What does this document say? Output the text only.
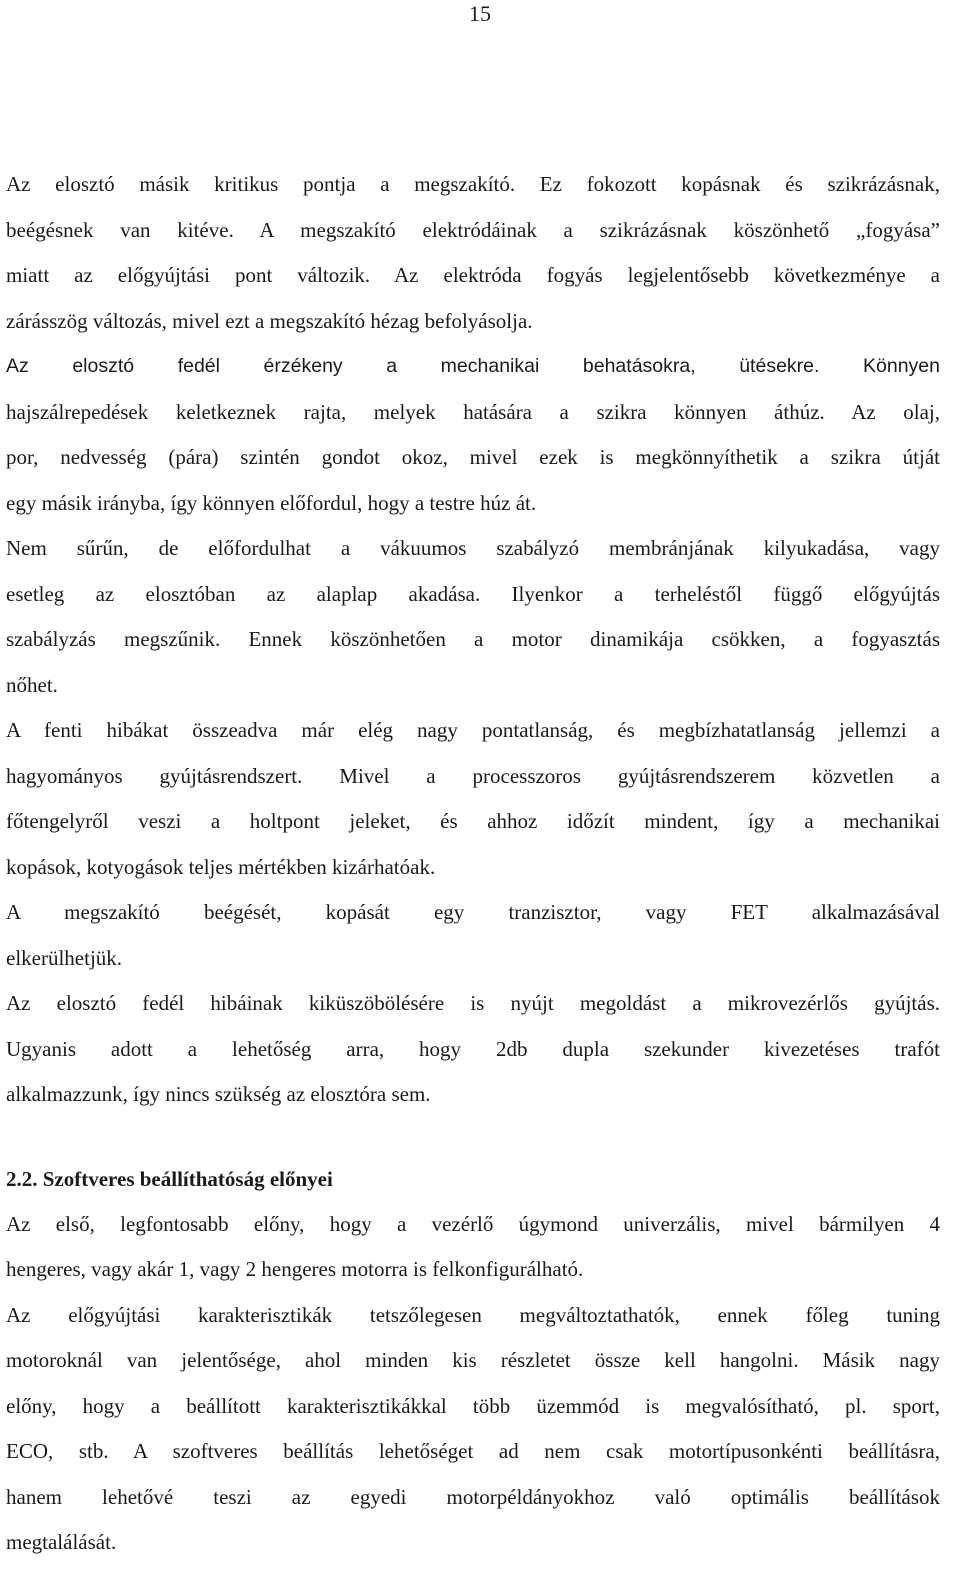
15
Az elosztó másik kritikus pontja a megszakító. Ez fokozott kopásnak és szikrázásnak,
beégésnek van kitéve. A megszakító elektródáinak a szikrázásnak köszönhető „fogyása”
miatt az előgyújtási pont változik. Az elektróda fogyás legjelentősebb következménye a
zárásszög változás, mivel ezt a megszakító hézag befolyásolja.
Az elosztó fedél érzékeny a mechanikai behatásokra, ütésekre. Könnyen
hajszálrepedések keletkeznek rajta, melyek hatására a szikra könnyen áthúz. Az olaj,
por, nedvesség (pára) szintén gondot okoz, mivel ezek is megkönnyíthetik a szikra útját
egy másik irányba, így könnyen előfordul, hogy a testre húz át.
Nem sűrűn, de előfordulhat a vákuumos szabályzó membránjának kilyukadása, vagy
esetleg az elosztóban az alaplap akadása. Ilyenkor a terheléstől függő előgyújtás
szabályzás megszűnik. Ennek köszönhetően a motor dinamikája csökken, a fogyasztás
nőhet.
A fenti hibákat összeadva már elég nagy pontatlanság, és megbízhatatlanság jellemzi a
hagyományos gyújtásrendszert. Mivel a processzoros gyújtásrendszerem közvetlen a
főtengelyről veszi a holtpont jeleket, és ahhoz időzít mindent, így a mechanikai
kopások, kotyogások teljes mértékben kizárhatóak.
A megszakító beégését, kopását egy tranzisztor, vagy FET alkalmazásával
elkerülhetjük.
Az elosztó fedél hibáinak kiküszöbölésére is nyújt megoldást a mikrovezérlős gyújtás.
Ugyanis adott a lehetőség arra, hogy 2db dupla szekunder kivezetéses trafót
alkalmazzunk, így nincs szükség az elosztóra sem.
2.2. Szoftveres beállíthatóság előnyei
Az első, legfontosabb előny, hogy a vezérlő úgymond univerzális, mivel bármilyen 4
hengeres, vagy akár 1, vagy 2 hengeres motorra is felkonfigurálható.
Az előgyújtási karakterisztikák tetszőlegesen megváltoztathatók, ennek főleg tuning
motoroknál van jelentősége, ahol minden kis részletet össze kell hangolni. Másik nagy
előny, hogy a beállított karakterisztikákkal több üzemmód is megvalósítható, pl. sport,
ECO, stb. A szoftveres beállítás lehetőséget ad nem csak motortípusonkénti beállításra,
hanem lehetővé teszi az egyedi motorpéldányokhoz való optimális beállítások
megtalálását.
